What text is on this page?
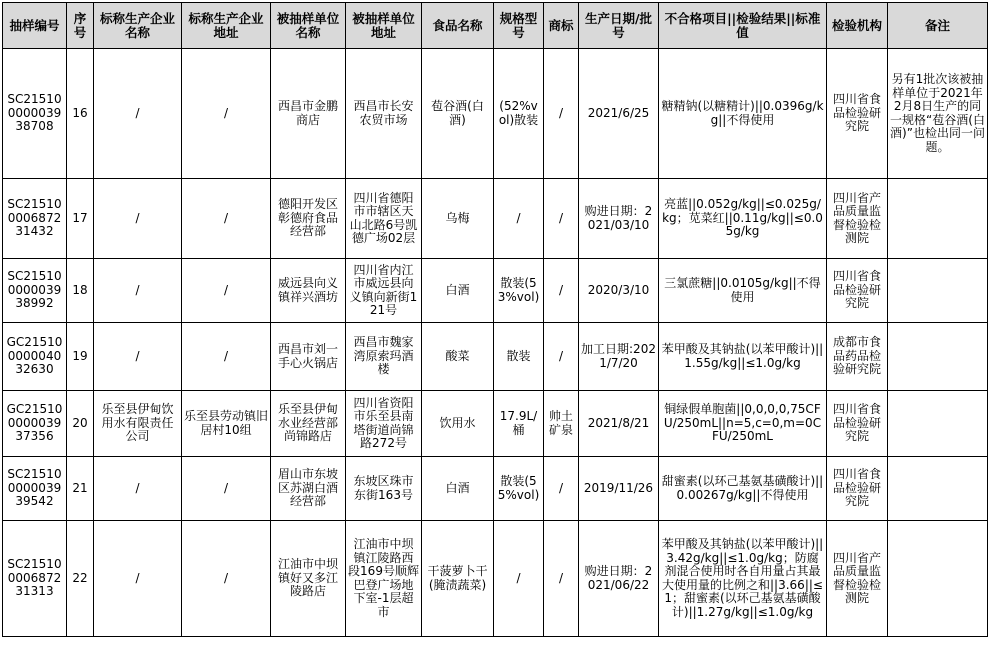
抽样编号	序号	标称生产企业名称	标称生产企业地址	被抽样单位名称	被抽样单位地址	食品名称	规格型号	商标	生产日期/批号	不合格项目||检验结果||标准值	检验机构	备注
SC21510000003938708	16	/	/	西昌市金鹏商店	西昌市长安农贸市场	苞谷酒(白酒)	(52%vol)散装	/	2021/6/25	糖精钠(以糖精计)||0.0396g/kg||不得使用	四川省食品检验研究院	另有1批次该被抽样单位于2021年2月8日生产的同一规格“苞谷酒(白酒)”也检出同一问题。
SC21510000687231432	17	/	/	德阳开发区彰德府食品经营部	四川省德阳市市辖区天山北路6号凯德广场02层	乌梅	/	/	购进日期：2021/03/10	亮蓝||0.052g/kg||≤0.025g/kg；苋菜红||0.11g/kg||≤0.05g/kg	四川省产品质量监督检验检测院	
SC21510000003938992	18	/	/	威远县向义镇祥兴酒坊	四川省内江市威远县向义镇向新街121号	白酒	散装(53%vol)	/	2020/3/10	三氯蔗糖||0.0105g/kg||不得使用	四川省食品检验研究院	
GC21510000004032630	19	/	/	西昌市刘一手心火锅店	西昌市魏家湾原索玛酒楼	酸菜	散装	/	加工日期:2021/7/20	苯甲酸及其钠盐(以苯甲酸计)||1.55g/kg||≤1.0g/kg	成都市食品药品检验研究院	
GC21510000003937356	20	乐至县伊甸饮用水有限责任公司	乐至县劳动镇旧居村10组	乐至县伊甸水业经营部尚锦路店	四川省资阳市乐至县南塔街道尚锦路272号	饮用水	17.9L/桶	帅土矿泉	2021/8/21	铜绿假单胞菌||0,0,0,0,75CFU/250mL||n=5,c=0,m=0CFU/250mL	四川省食品检验研究院	
SC21510000003939542	21	/	/	眉山市东坡区苏湖白酒经营部	东坡区珠市东街163号	白酒	散装(55%vol)	/	2019/11/26	甜蜜素(以环己基氨基磺酸计)||0.00267g/kg||不得使用	四川省食品检验研究院	
SC21510000687231313	22	/	/	江油市中坝镇好又多江陵路店	江油市中坝镇江陵路西段169号顺辉巴登广场地下室-1层超市	干菠萝卜干(腌渍蔬菜)	/	/	购进日期：2021/06/22	苯甲酸及其钠盐(以苯甲酸计)||3.42g/kg||≤1.0g/kg；防腐剂混合使用时各自用量占其最大使用量的比例之和||3.66||≤1；甜蜜素(以环己基氨基磺酸计)||1.27g/kg||≤1.0g/kg	四川省产品质量监督检验检测院	
